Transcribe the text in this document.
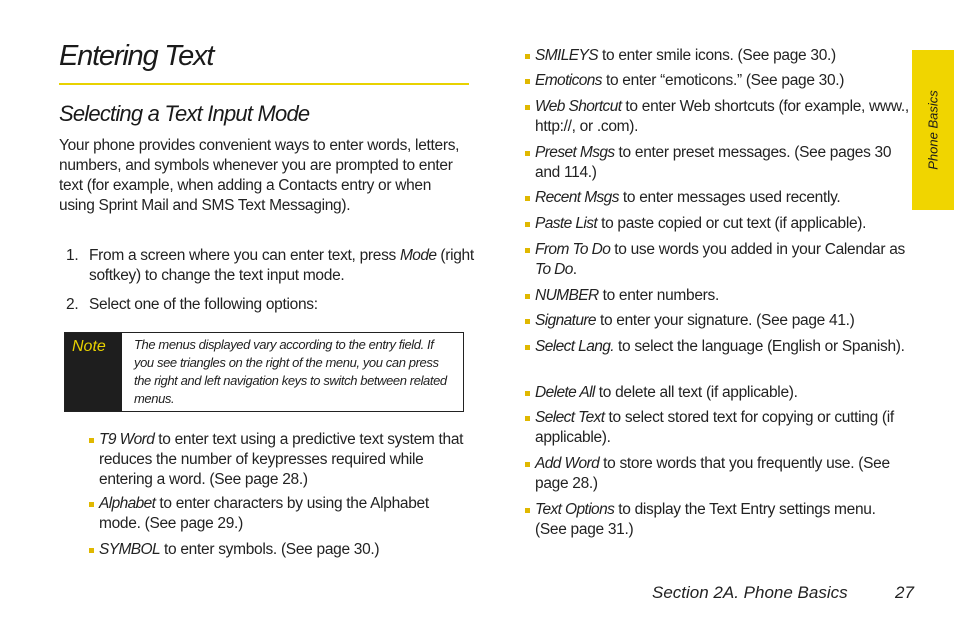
Entering Text
Selecting a Text Input Mode
Your phone provides convenient ways to enter words, letters, numbers, and symbols whenever you are prompted to enter text (for example, when adding a Contacts entry or when using Sprint Mail and SMS Text Messaging).
1. From a screen where you can enter text, press Mode (right softkey) to change the text input mode.
2. Select one of the following options:
Note	The menus displayed vary according to the entry field. If you see triangles on the right of the menu, you can press the right and left navigation keys to switch between related menus.
T9 Word to enter text using a predictive text system that reduces the number of keypresses required while entering a word. (See page 28.)
Alphabet to enter characters by using the Alphabet mode. (See page 29.)
SYMBOL to enter symbols. (See page 30.)
SMILEYS to enter smile icons. (See page 30.)
Emoticons to enter “emoticons.” (See page 30.)
Web Shortcut to enter Web shortcuts (for example, www., http://, or .com).
Preset Msgs to enter preset messages. (See pages 30 and 114.)
Recent Msgs to enter messages used recently.
Paste List to paste copied or cut text (if applicable).
From To Do to use words you added in your Calendar as To Do.
NUMBER to enter numbers.
Signature to enter your signature. (See page 41.)
Select Lang. to select the language (English or Spanish).
Delete All to delete all text (if applicable).
Select Text to select stored text for copying or cutting (if applicable).
Add Word to store words that you frequently use. (See page 28.)
Text Options to display the Text Entry settings menu. (See page 31.)
Phone Basics
Section 2A. Phone Basics	27
